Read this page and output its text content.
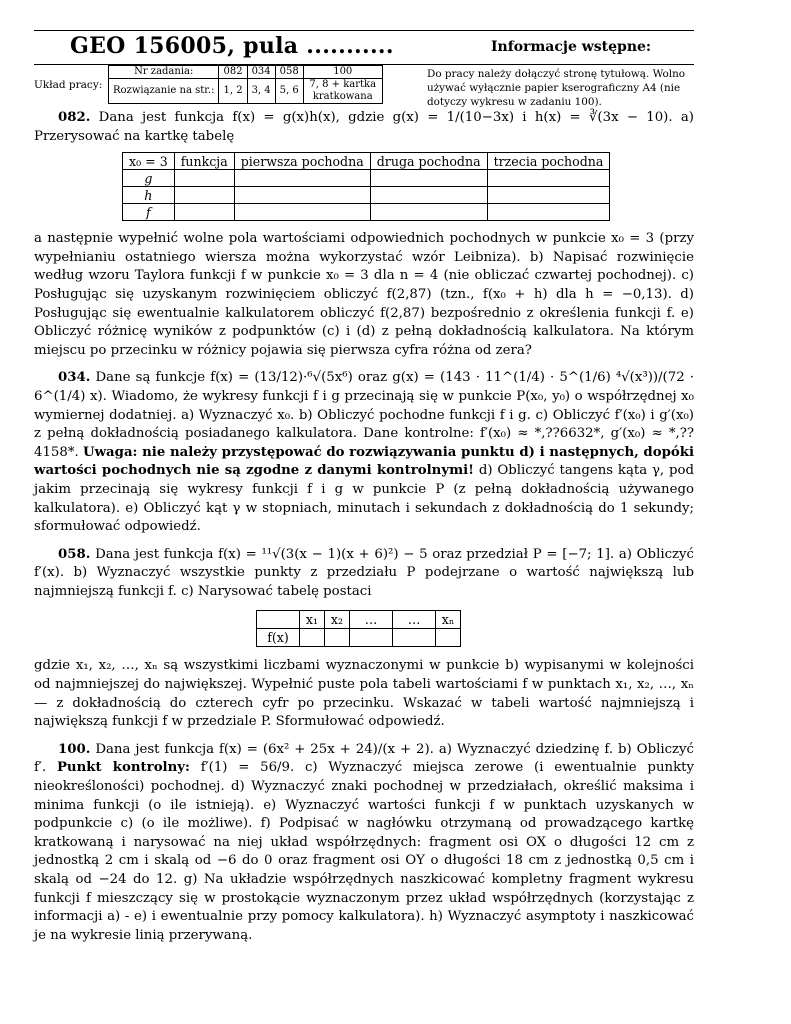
GEO 156005, pula ...........	Informacje wstępne:
Układ pracy:
Nr zadania:	082	034	058	100
Rozwiązanie na str.:	1, 2	3, 4	5, 6	7, 8 + kartka kratkowana
Do pracy należy dołączyć stronę tytułową. Wolno używać wyłącznie papier kserograficzny A4 (nie dotyczy wykresu w zadaniu 100).

082. Dana jest funkcja f(x) = g(x)h(x), gdzie g(x) = 1/(10−3x) i h(x) = ∛(3x − 10). a) Przerysować na kartkę tabelę

x₀ = 3	funkcja	pierwsza pochodna	druga pochodna	trzecia pochodna
g				
h				
f				

a następnie wypełnić wolne pola wartościami odpowiednich pochodnych w punkcie x₀ = 3 (przy wypełnianiu ostatniego wiersza można wykorzystać wzór Leibniza). b) Napisać rozwinięcie według wzoru Taylora funkcji f w punkcie x₀ = 3 dla n = 4 (nie obliczać czwartej pochodnej). c) Posługując się uzyskanym rozwinięciem obliczyć f(2,87) (tzn., f(x₀ + h) dla h = −0,13). d) Posługując się ewentualnie kalkulatorem obliczyć f(2,87) bezpośrednio z określenia funkcji f. e) Obliczyć różnicę wyników z podpunktów (c) i (d) z pełną dokładnością kalkulatora. Na którym miejscu po przecinku w różnicy pojawia się pierwsza cyfra różna od zera?

034. Dane są funkcje f(x) = (13/12)·⁶√(5x⁶) oraz g(x) = (143 · 11^(1/4) · 5^(1/6) ⁴√(x³))/(72 · 6^(1/4) x). Wiadomo, że wykresy funkcji f i g przecinają się w punkcie P(x₀, y₀) o współrzędnej x₀ wymiernej dodatniej. a) Wyznaczyć x₀. b) Obliczyć pochodne funkcji f i g. c) Obliczyć f′(x₀) i g′(x₀) z pełną dokładnością posiadanego kalkulatora. Dane kontrolne: f′(x₀) ≈ *,??6632*, g′(x₀) ≈ *,??4158*. Uwaga: nie należy przystępować do rozwiązywania punktu d) i następnych, dopóki wartości pochodnych nie są zgodne z danymi kontrolnymi! d) Obliczyć tangens kąta γ, pod jakim przecinają się wykresy funkcji f i g w punkcie P (z pełną dokładnością używanego kalkulatora). e) Obliczyć kąt γ w stopniach, minutach i sekundach z dokładnością do 1 sekundy; sformułować odpowiedź.

058. Dana jest funkcja f(x) = ¹¹√(3(x − 1)(x + 6)²) − 5 oraz przedział P = [−7; 1]. a) Obliczyć f′(x). b) Wyznaczyć wszystkie punkty z przedziału P podejrzane o wartość największą lub najmniejszą funkcji f. c) Narysować tabelę postaci

	x₁	x₂	…	…	xₙ
f(x)					

gdzie x₁, x₂, …, xₙ są wszystkimi liczbami wyznaczonymi w punkcie b) wypisanymi w kolejności od najmniejszej do największej. Wypełnić puste pola tabeli wartościami f w punktach x₁, x₂, …, xₙ — z dokładnością do czterech cyfr po przecinku. Wskazać w tabeli wartość najmniejszą i największą funkcji f w przedziale P. Sformułować odpowiedź.

100. Dana jest funkcja f(x) = (6x² + 25x + 24)/(x + 2). a) Wyznaczyć dziedzinę f. b) Obliczyć f′. Punkt kontrolny: f′(1) = 56/9. c) Wyznaczyć miejsca zerowe (i ewentualnie punkty nieokreśloności) pochodnej. d) Wyznaczyć znaki pochodnej w przedziałach, określić maksima i minima funkcji (o ile istnieją). e) Wyznaczyć wartości funkcji f w punktach uzyskanych w podpunkcie c) (o ile możliwe). f) Podpisać w nagłówku otrzymaną od prowadzącego kartkę kratkowaną i narysować na niej układ współrzędnych: fragment osi OX o długości 12 cm z jednostką 2 cm i skalą od −6 do 0 oraz fragment osi OY o długości 18 cm z jednostką 0,5 cm i skalą od −24 do 12. g) Na układzie współrzędnych naszkicować kompletny fragment wykresu funkcji f mieszczący się w prostokącie wyznaczonym przez układ współrzędnych (korzystając z informacji a) - e) i ewentualnie przy pomocy kalkulatora). h) Wyznaczyć asymptoty i naszkicować je na wykresie linią przerywaną.
